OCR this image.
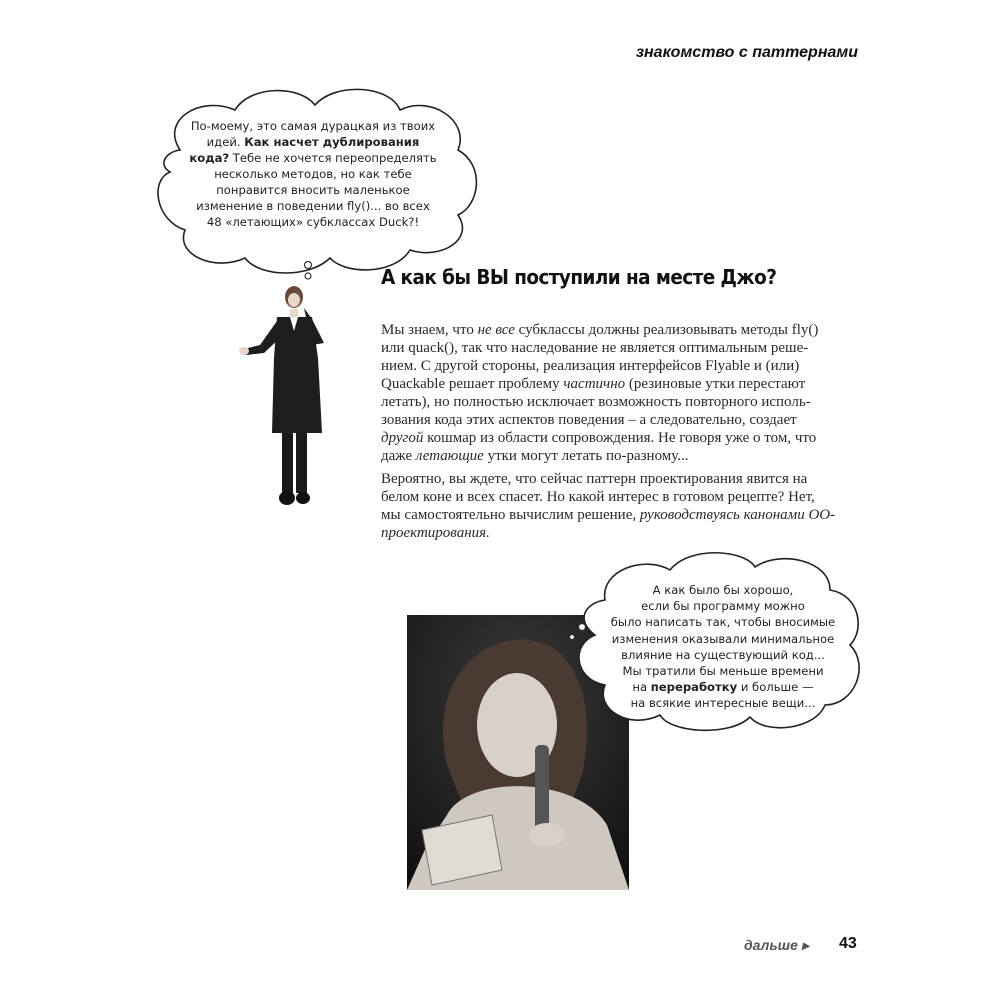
знакомство с паттернами
По-моему, это самая дурацкая из твоих
идей. Как насчет дублирования
кода? Тебе не хочется переопределять
несколько методов, но как тебе
понравится вносить маленькое
изменение в поведении fly()... во всех
48 «летающих» субклассах Duck?!
А как бы ВЫ поступили на месте Джо?
Мы знаем, что не все субклассы должны реализовывать методы fly()
или quack(), так что наследование не является оптимальным реше-
нием. С другой стороны, реализация интерфейсов Flyable и (или)
Quackable решает проблему частично (резиновые утки перестают
летать), но полностью исключает возможность повторного исполь-
зования кода этих аспектов поведения – а следовательно, создает
другой кошмар из области сопровождения. Не говоря уже о том, что
даже летающие утки могут летать по-разному...
Вероятно, вы ждете, что сейчас паттерн проектирования явится на
белом коне и всех спасет. Но какой интерес в готовом рецепте? Нет,
мы самостоятельно вычислим решение, руководствуясь канонами ОО-
проектирования.
А как было бы хорошо,
если бы программу можно
было написать так, чтобы вносимые
изменения оказывали минимальное
влияние на существующий код...
Мы тратили бы меньше времени
на переработку и больше —
на всякие интересные вещи...
дальше ▸ 43
